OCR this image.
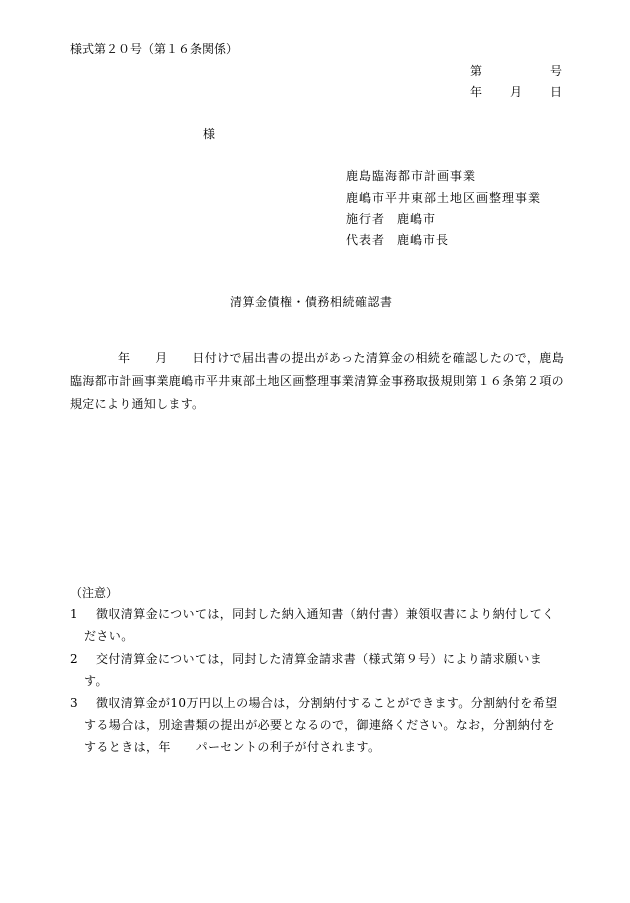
様式第２０号（第１６条関係）
第	号
年 月 日
様
鹿島臨海都市計画事業
鹿嶋市平井東部土地区画整理事業
施行者 鹿嶋市
代表者 鹿嶋市長
清算金債権・債務相続確認書
年　　月　　日付けで届出書の提出があった清算金の相続を確認したので，鹿島臨海都市計画事業鹿嶋市平井東部土地区画整理事業清算金事務取扱規則第１６条第２項の規定により通知します。
（注意）
1	徴収清算金については，同封した納入通知書（納付書）兼領収書により納付してください。
2	交付清算金については，同封した清算金請求書（様式第９号）により請求願います。
3	徴収清算金が10万円以上の場合は，分割納付することができます。分割納付を希望する場合は，別途書類の提出が必要となるので，御連絡ください。なお，分割納付をするときは，年　　パーセントの利子が付されます。
